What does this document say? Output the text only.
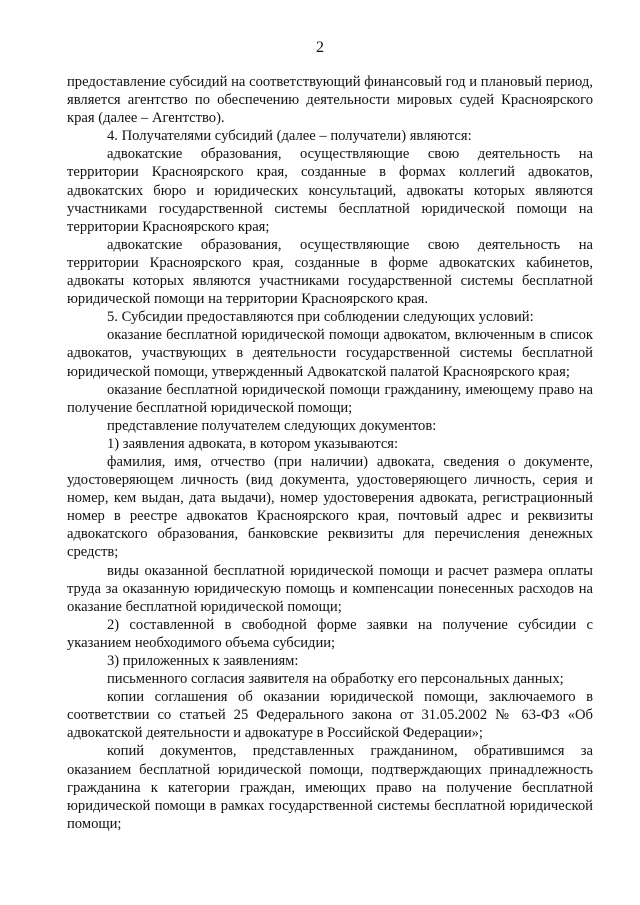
2

предоставление субсидий на соответствующий финансовый год и плановый период, является агентство по обеспечению деятельности мировых судей Красноярского края (далее – Агентство).

4. Получателями субсидий (далее – получатели) являются:

адвокатские образования, осуществляющие свою деятельность на территории Красноярского края, созданные в формах коллегий адвокатов, адвокатских бюро и юридических консультаций, адвокаты которых являются участниками государственной системы бесплатной юридической помощи на территории Красноярского края;

адвокатские образования, осуществляющие свою деятельность на территории Красноярского края, созданные в форме адвокатских кабинетов, адвокаты которых являются участниками государственной системы бесплатной юридической помощи на территории Красноярского края.

5. Субсидии предоставляются при соблюдении следующих условий:

оказание бесплатной юридической помощи адвокатом, включенным в список адвокатов, участвующих в деятельности государственной системы бесплатной юридической помощи, утвержденный Адвокатской палатой Красноярского края;

оказание бесплатной юридической помощи гражданину, имеющему право на получение бесплатной юридической помощи;

представление получателем следующих документов:

1) заявления адвоката, в котором указываются:

фамилия, имя, отчество (при наличии) адвоката, сведения о документе, удостоверяющем личность (вид документа, удостоверяющего личность, серия и номер, кем выдан, дата выдачи), номер удостоверения адвоката, регистрационный номер в реестре адвокатов Красноярского края, почтовый адрес и реквизиты адвокатского образования, банковские реквизиты для перечисления денежных средств;

виды оказанной бесплатной юридической помощи и расчет размера оплаты труда за оказанную юридическую помощь и компенсации понесенных расходов на оказание бесплатной юридической помощи;

2) составленной в свободной форме заявки на получение субсидии с указанием необходимого объема субсидии;

3) приложенных к заявлениям:

письменного согласия заявителя на обработку его персональных данных;

копии соглашения об оказании юридической помощи, заключаемого в соответствии со статьей 25 Федерального закона от 31.05.2002 № 63-ФЗ «Об адвокатской деятельности и адвокатуре в Российской Федерации»;

копий документов, представленных гражданином, обратившимся за оказанием бесплатной юридической помощи, подтверждающих принадлежность гражданина к категории граждан, имеющих право на получение бесплатной юридической помощи в рамках государственной системы бесплатной юридической помощи;
